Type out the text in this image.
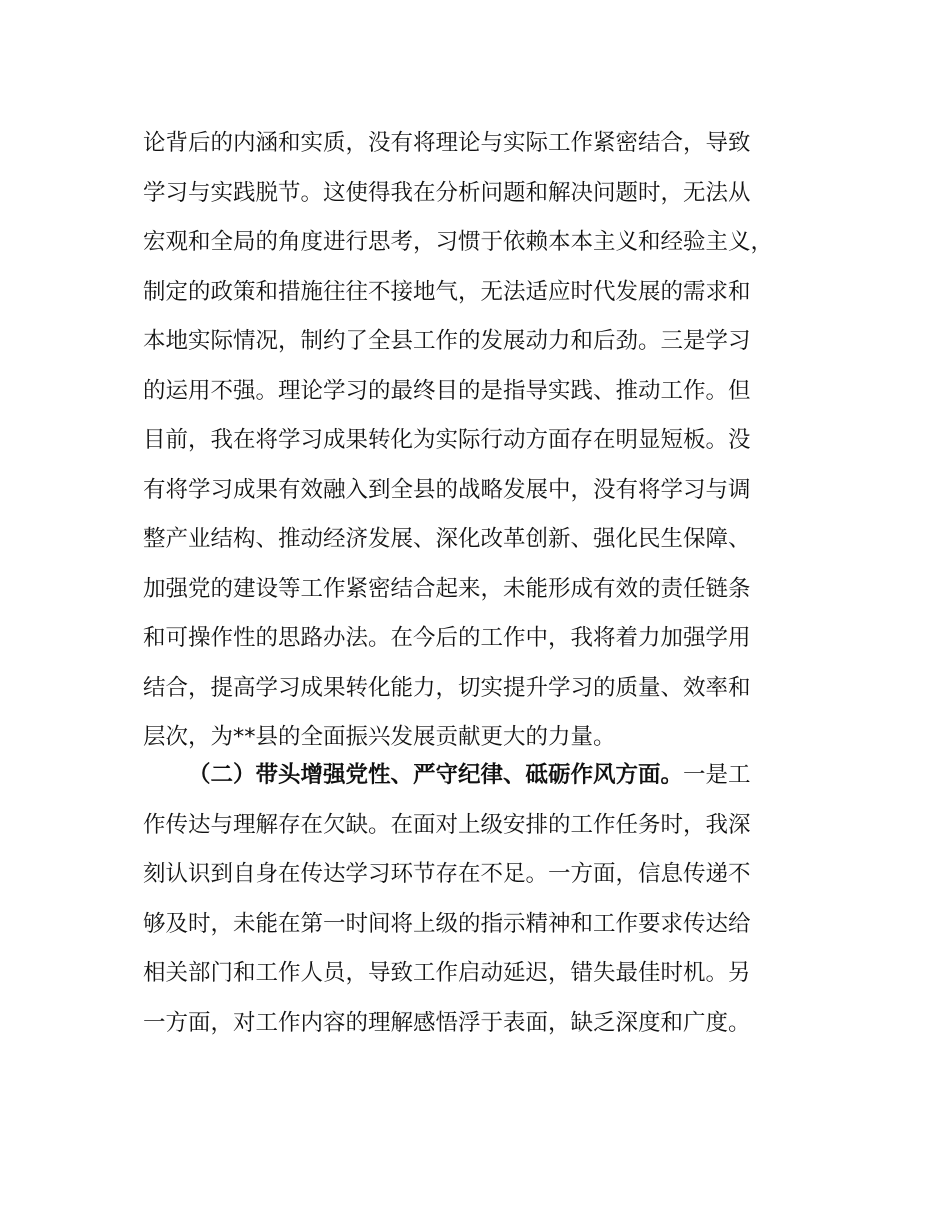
论背后的内涵和实质，没有将理论与实际工作紧密结合，导致
学习与实践脱节。这使得我在分析问题和解决问题时，无法从
宏观和全局的角度进行思考，习惯于依赖本本主义和经验主义，
制定的政策和措施往往不接地气，无法适应时代发展的需求和
本地实际情况，制约了全县工作的发展动力和后劲。三是学习
的运用不强。理论学习的最终目的是指导实践、推动工作。但
目前，我在将学习成果转化为实际行动方面存在明显短板。没
有将学习成果有效融入到全县的战略发展中，没有将学习与调
整产业结构、推动经济发展、深化改革创新、强化民生保障、
加强党的建设等工作紧密结合起来，未能形成有效的责任链条
和可操作性的思路办法。在今后的工作中，我将着力加强学用
结合，提高学习成果转化能力，切实提升学习的质量、效率和
层次，为**县的全面振兴发展贡献更大的力量。
（二）带头增强党性、严守纪律、砥砺作风方面。一是工
作传达与理解存在欠缺。在面对上级安排的工作任务时，我深
刻认识到自身在传达学习环节存在不足。一方面，信息传递不
够及时，未能在第一时间将上级的指示精神和工作要求传达给
相关部门和工作人员，导致工作启动延迟，错失最佳时机。另
一方面，对工作内容的理解感悟浮于表面，缺乏深度和广度。
